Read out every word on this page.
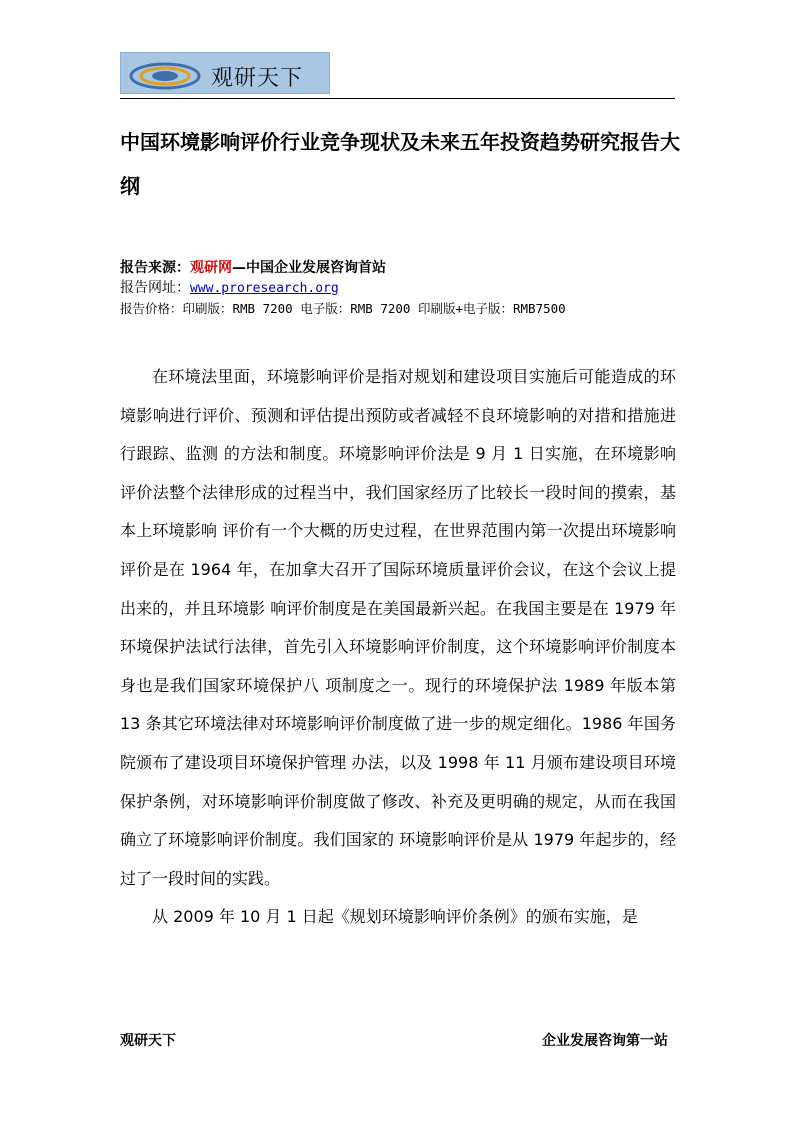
观研天下
中国环境影响评价行业竞争现状及未来五年投资趋势研究报告大纲
报告来源：观研网—中国企业发展咨询首站
报告网址：www.proresearch.org
报告价格：印刷版：RMB 7200 电子版：RMB 7200 印刷版+电子版：RMB7500

在环境法里面，环境影响评价是指对规划和建设项目实施后可能造成的环境影响进行评价、预测和评估提出预防或者减轻不良环境影响的对措和措施进行跟踪、监测 的方法和制度。环境影响评价法是 9 月 1 日实施，在环境影响评价法整个法律形成的过程当中，我们国家经历了比较长一段时间的摸索，基本上环境影响 评价有一个大概的历史过程，在世界范围内第一次提出环境影响评价是在 1964 年，在加拿大召开了国际环境质量评价会议，在这个会议上提出来的，并且环境影 响评价制度是在美国最新兴起。在我国主要是在 1979 年环境保护法试行法律，首先引入环境影响评价制度，这个环境影响评价制度本身也是我们国家环境保护八 项制度之一。现行的环境保护法 1989 年版本第 13 条其它环境法律对环境影响评价制度做了进一步的规定细化。1986 年国务院颁布了建设项目环境保护管理 办法，以及 1998 年 11 月颁布建设项目环境保护条例，对环境影响评价制度做了修改、补充及更明确的规定，从而在我国确立了环境影响评价制度。我们国家的 环境影响评价是从 1979 年起步的，经过了一段时间的实践。

从 2009 年 10 月 1 日起《规划环境影响评价条例》的颁布实施，是

观研天下	企业发展咨询第一站
